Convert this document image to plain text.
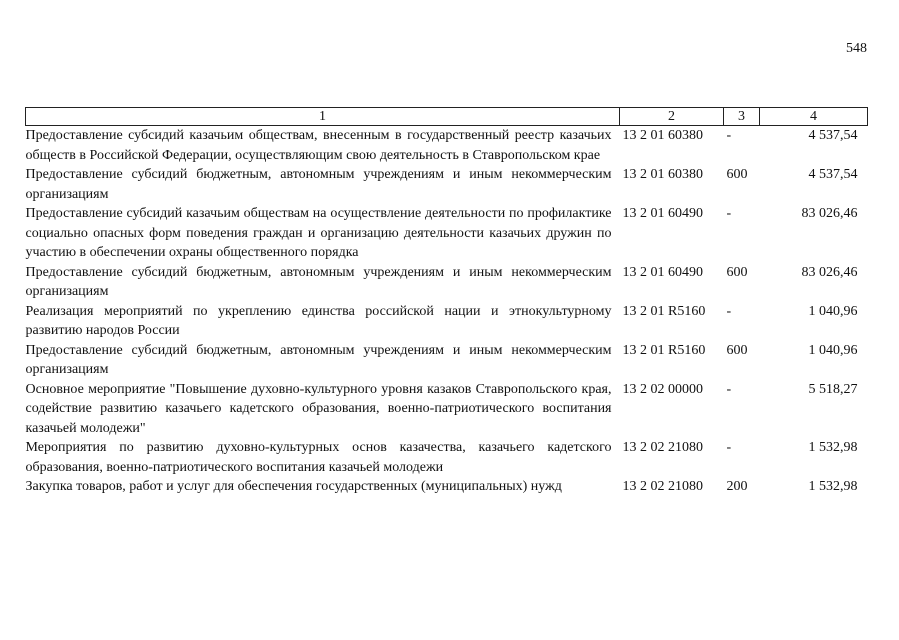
548
1	2	3	4
Предоставление субсидий казачьим обществам, внесенным в государственный реестр казачьих обществ в Российской Федерации, осуществляющим свою деятельность в Ставропольском крае	13 2 01 60380	-	4 537,54
Предоставление субсидий бюджетным, автономным учреждениям и иным некоммерческим организациям	13 2 01 60380	600	4 537,54
Предоставление субсидий казачьим обществам на осуществление деятельности по профилактике социально опасных форм поведения граждан и организацию деятельности казачьих дружин по участию в обеспечении охраны общественного порядка	13 2 01 60490	-	83 026,46
Предоставление субсидий бюджетным, автономным учреждениям и иным некоммерческим организациям	13 2 01 60490	600	83 026,46
Реализация мероприятий по укреплению единства российской нации и этнокультурному развитию народов России	13 2 01 R5160	-	1 040,96
Предоставление субсидий бюджетным, автономным учреждениям и иным некоммерческим организациям	13 2 01 R5160	600	1 040,96
Основное мероприятие "Повышение духовно-культурного уровня казаков Ставропольского края, содействие развитию казачьего кадетского образования, военно-патриотического воспитания казачьей молодежи"	13 2 02 00000	-	5 518,27
Мероприятия по развитию духовно-культурных основ казачества, казачьего кадетского образования, военно-патриотического воспитания казачьей молодежи	13 2 02 21080	-	1 532,98
Закупка товаров, работ и услуг для обеспечения государственных (муниципальных) нужд	13 2 02 21080	200	1 532,98
